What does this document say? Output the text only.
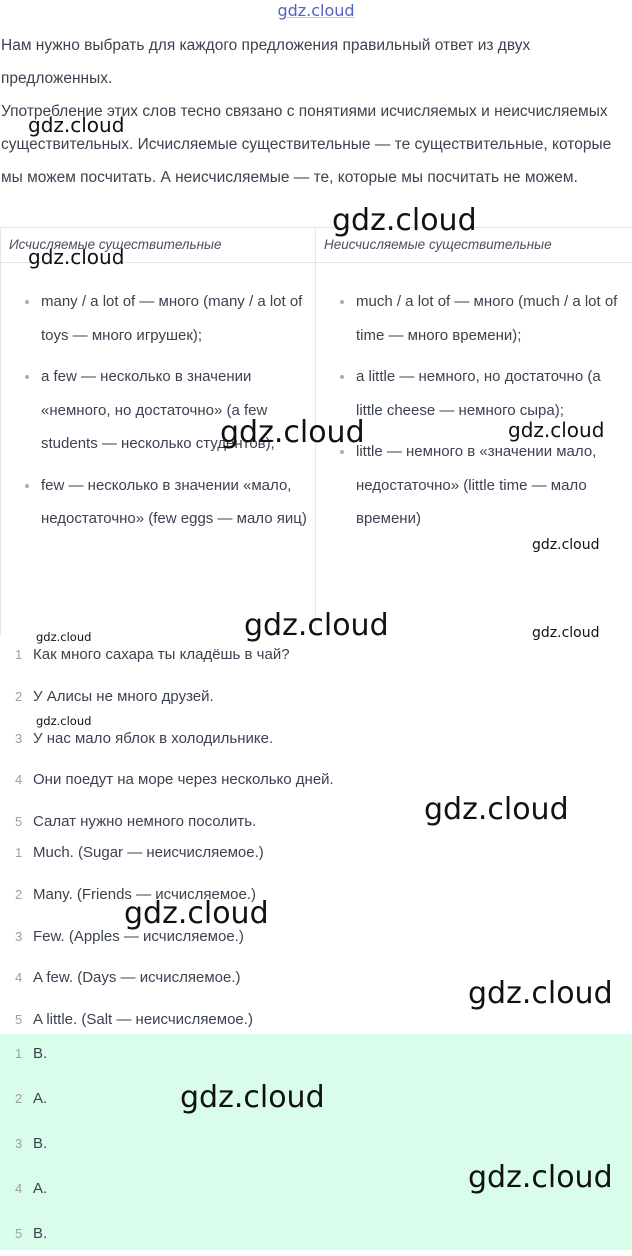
gdz.cloud

Нам нужно выбрать для каждого предложения правильный ответ из двух предложенных.

Употребление этих слов тесно связано с понятиями исчисляемых и неисчисляемых существительных. Исчисляемые существительные — те существительные, которые мы можем посчитать. А неисчисляемые — те, которые мы посчитать не можем.

Исчисляемые существительные
many / a lot of — много (many / a lot of toys — много игрушек);
a few — несколько в значении «немного, но достаточно» (a few students — несколько студентов);
few — несколько в значении «мало, недостаточно» (few eggs — мало яиц)
Неисчисляемые существительные
much / a lot of — много (much / a lot of time — много времени);
a little — немного, но достаточно (a little cheese — немного сыра);
little — немного в «значении мало, недостаточно» (little time — мало времени)
1 Как много сахара ты кладёшь в чай?
2 У Алисы не много друзей.
3 У нас мало яблок в холодильнике.
4 Они поедут на море через несколько дней.
5 Салат нужно немного посолить.
1 Much. (Sugar — неисчисляемое.)
2 Many. (Friends — исчисляемое.)
3 Few. (Apples — исчисляемое.)
4 A few. (Days — исчисляемое.)
5 A little. (Salt — неисчисляемое.)
1 B.
2 A.
3 B.
4 A.
5 B.
gdz.cloud
gdz.cloud
gdz.cloud
gdz.cloud	gdz.cloud
gdz.cloud
gdz.cloud
gdz.cloud	gdz.cloud
gdz.cloud
gdz.cloud
gdz.cloud
gdz.cloud
gdz.cloud
gdz.cloud
